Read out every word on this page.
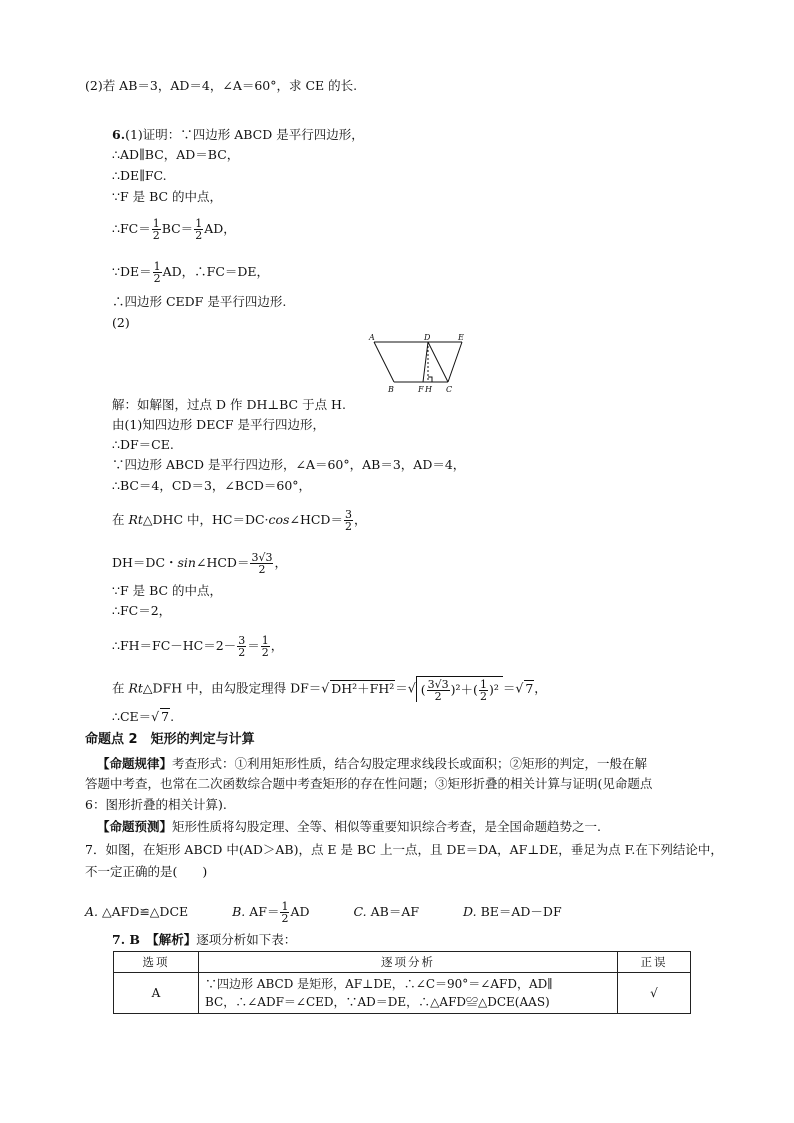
(2)若 AB＝3，AD＝4，∠A＝60°，求 CE 的长.
6.(1)证明：∵四边形 ABCD 是平行四边形，
∴AD∥BC，AD＝BC，
∴DE∥FC.
∵F 是 BC 的中点，
∴FC＝ $\frac{1}{2} BC= \frac{1}{2}$ AD，
∵DE＝ $\frac{1}{2}$ AD，∴FC＝DE，
∴四边形 CEDF 是平行四边形.
(2)
A	D	E
B	F H C
解：如解图，过点 D 作 DH⊥BC 于点 H.
由(1)知四边形 DECF 是平行四边形，
∴DF＝CE.
∵四边形 ABCD 是平行四边形，∠A＝60°，AB＝3，AD＝4，
∴BC＝4，CD＝3，∠BCD＝60°，
在 Rt△DHC 中，HC＝DC·cos∠HCD＝ $\frac{3}{2}$ ，
DH＝DC・sin∠HCD＝ $\frac{3√3}{2}$ ，
∵F 是 BC 的中点，
∴FC＝2，
∴FH＝FC－HC＝2－ $\frac{3}{2} = \frac{1}{2}$ ，
在 Rt△DFH 中，由勾股定理得 DF＝√ DH²＋FH²＝√ ( $\frac{3√3}{2} )^2+( \frac{1}{2} )^2$ ＝√ 7，
∴CE＝√ 7.
命题点 2　矩形的判定与计算
【命题规律】考查形式：①利用矩形性质，结合勾股定理求线段长或面积；②矩形的判定，一般在解
答题中考查，也常在二次函数综合题中考查矩形的存在性问题；③矩形折叠的相关计算与证明(见命题点
6：图形折叠的相关计算).
【命题预测】矩形性质将勾股定理、全等、相似等重要知识综合考查，是全国命题趋势之一.
7．如图，在矩形 ABCD 中(AD＞AB)，点 E 是 BC 上一点，且 DE＝DA，AF⊥DE，垂足为点 F.在下列结论中，
不一定正确的是(　　)
A. △AFD≌△DCE	B. $AF= \frac{1}{2}$ AD	C. AB＝AF	D. BE＝AD－DF
7. B　 【解析】逐项分析如下表：
选项	逐项分析	正误
A	∵四边形 ABCD 是矩形，AF⊥DE，∴∠C＝90°＝∠AFD，AD∥
BC，∴∠ADF＝∠CED，∵AD＝DE，∴△AFD≌△DCE(AAS)	√
